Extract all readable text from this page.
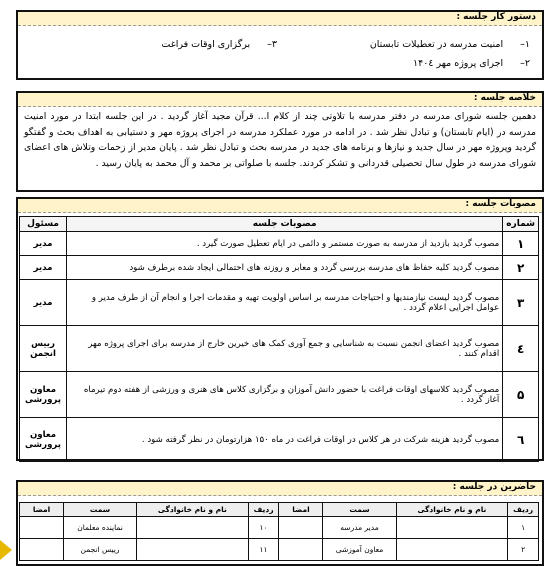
دستور کار جلسه :
۱– امنیت مدرسه در تعطیلات تابستان
۲– اجرای پروژه مهر ۱۴۰٤
۳– برگزاری اوقات فراغت
خلاصه جلسه :
دهمین جلسه شورای مدرسه در دفتر مدرسه با تلاوتی چند از کلام ا... قرآن مجید آغاز گردید . در این جلسه ابتدا در مورد امنیت مدرسه در (ایام تابستان) و تبادل نظر شد . در ادامه در مورد عملکرد مدرسه در اجرای پروژه مهر و دستیابی به اهداف بحث و گفتگو گردید وپروژه مهر در سال جدید و نیازها و برنامه های جدید در مدرسه بحث و تبادل نظر شد . پایان مدیر از زحمات وتلاش های اعضای شورای مدرسه در طول سال تحصیلی قدردانی و تشکر کردند. جلسه با صلواتی بر محمد و آل محمد به پایان رسید .
مصوبات جلسه :
شماره	مصوبات جلسه	مسئول
۱	مصوب گردید بازدید از مدرسه به صورت مستمر و دائمی در ایام تعطیل صورت گیرد .	مدیر
۲	مصوب گردید کلیه حفاظ های مدرسه بررسی گردد و معابر و روزنه های احتمالی ایجاد شده برطرف شود	مدیر
۳	مصوب گردید لیست نیازمندیها و احتیاجات مدرسه بر اساس اولویت تهیه و مقدمات اجرا و انجام آن از طرف مدیر و عوامل اجرایی اعلام گردد .	مدیر
٤	مصوب گردید اعضای انجمن نسبت به شناسایی و جمع آوری کمک های خیرین خارج از مدرسه برای اجرای پروژه مهر اقدام کنند .	رییس انجمن
۵	مصوب گردید کلاسهای اوقات فراغت با حضور دانش آموزان و برگزاری کلاس های هنری و ورزشی از هفته دوم تیرماه آغاز گردد .	معاون پرورشی
٦	مصوب گردید هزینه شرکت در هر کلاس در اوقات فراغت در ماه ۱۵۰ هزارتومان در نظر گرفته شود .	معاون پرورشی
حاضرین در جلسه :
ردیف	نام و نام خانوادگی	سمت	امضا	ردیف	نام و نام خانوادگی	سمت	امضا
۱		مدیر مدرسه		۱۰		نماینده معلمان	
۲		معاون آموزشی		۱۱		رییس انجمن	
